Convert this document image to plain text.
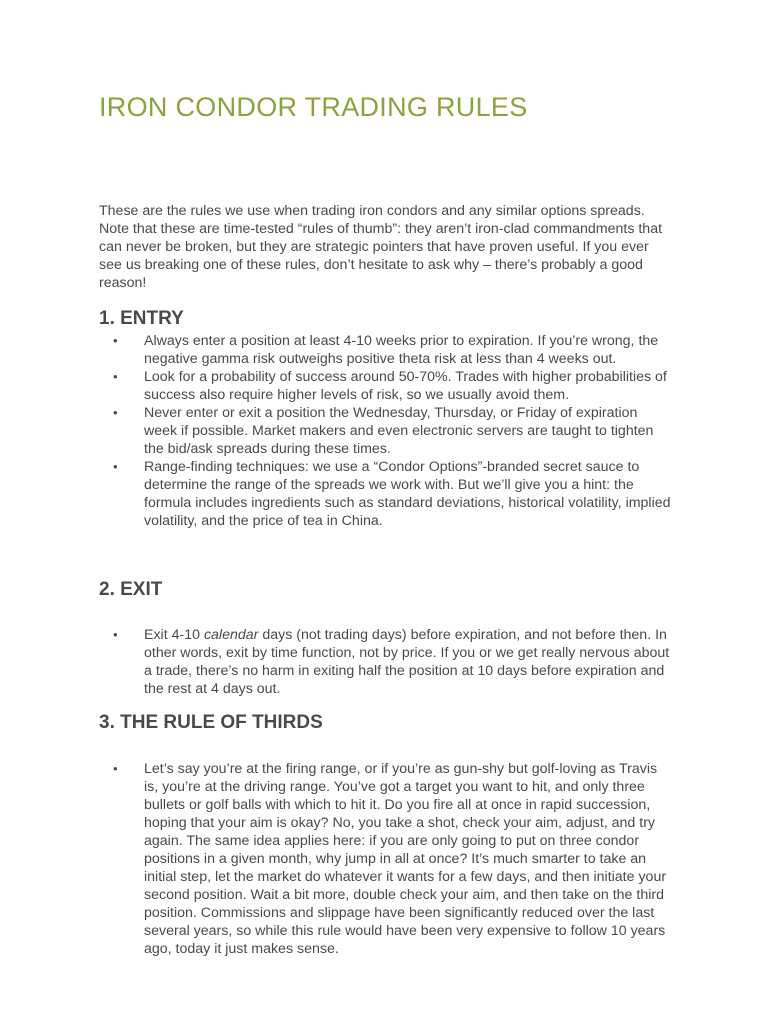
IRON CONDOR TRADING RULES

These are the rules we use when trading iron condors and any similar options spreads. Note that these are time-tested “rules of thumb”: they aren’t iron-clad commandments that can never be broken, but they are strategic pointers that have proven useful. If you ever see us breaking one of these rules, don’t hesitate to ask why – there’s probably a good reason!

1. ENTRY
• Always enter a position at least 4-10 weeks prior to expiration. If you’re wrong, the negative gamma risk outweighs positive theta risk at less than 4 weeks out.
• Look for a probability of success around 50-70%. Trades with higher probabilities of success also require higher levels of risk, so we usually avoid them.
• Never enter or exit a position the Wednesday, Thursday, or Friday of expiration week if possible. Market makers and even electronic servers are taught to tighten the bid/ask spreads during these times.
• Range-finding techniques: we use a “Condor Options”-branded secret sauce to determine the range of the spreads we work with. But we’ll give you a hint: the formula includes ingredients such as standard deviations, historical volatility, implied volatility, and the price of tea in China.
2. EXIT
• Exit 4-10 calendar days (not trading days) before expiration, and not before then. In other words, exit by time function, not by price. If you or we get really nervous about a trade, there’s no harm in exiting half the position at 10 days before expiration and the rest at 4 days out.
3. THE RULE OF THIRDS
• Let’s say you’re at the firing range, or if you’re as gun-shy but golf-loving as Travis is, you’re at the driving range. You’ve got a target you want to hit, and only three bullets or golf balls with which to hit it. Do you fire all at once in rapid succession, hoping that your aim is okay? No, you take a shot, check your aim, adjust, and try again. The same idea applies here: if you are only going to put on three condor positions in a given month, why jump in all at once? It’s much smarter to take an initial step, let the market do whatever it wants for a few days, and then initiate your second position. Wait a bit more, double check your aim, and then take on the third position. Commissions and slippage have been significantly reduced over the last several years, so while this rule would have been very expensive to follow 10 years ago, today it just makes sense.
